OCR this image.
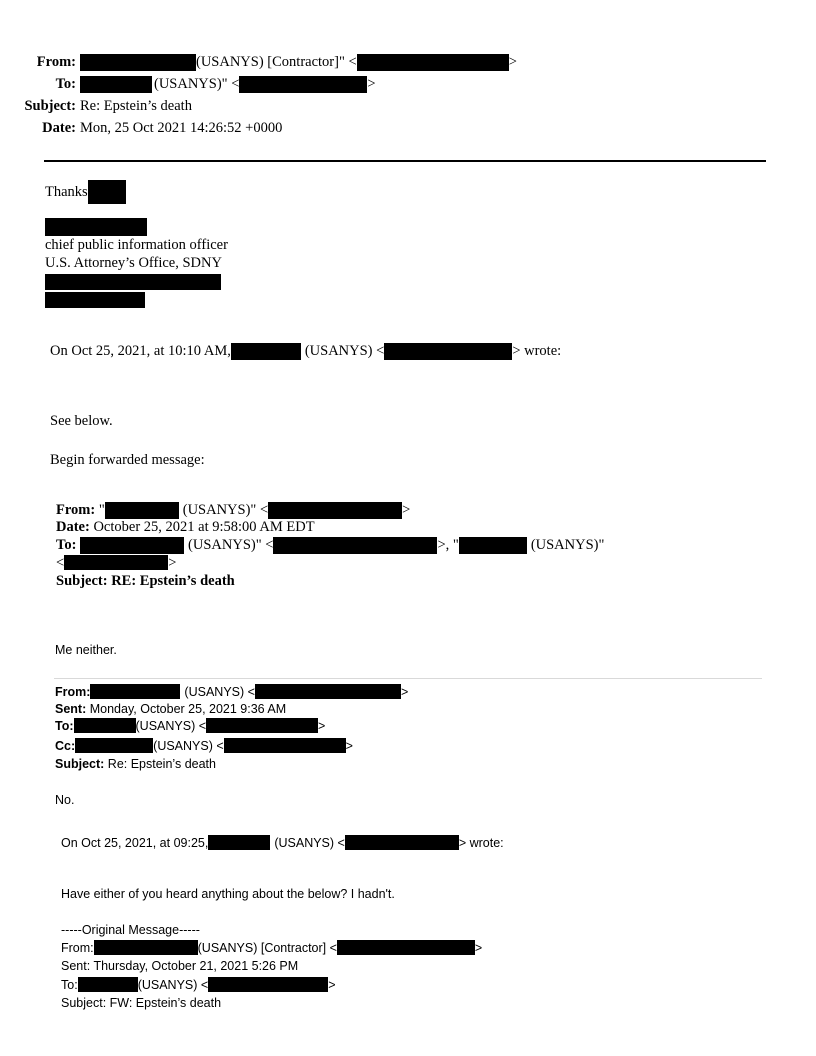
From:	(USANYS) [Contractor]" <	>
To:	(USANYS)" <	>
Subject: Re: Epstein’s death
Date: Mon, 25 Oct 2021 14:26:52 +0000
Thanks
chief public information officer
U.S. Attorney’s Office, SDNY
On Oct 25, 2021, at 10:10 AM,	(USANYS) <	> wrote:
See below.
Begin forwarded message:
From: "	(USANYS)" <	>
Date: October 25, 2021 at 9:58:00 AM EDT
To:	(USANYS)" <	>, "	(USANYS)"
<	>
Subject: RE: Epstein’s death
Me neither.
From:	(USANYS) <	>
Sent: Monday, October 25, 2021 9:36 AM
To:	(USANYS) <	>
Cc:	(USANYS) <	>
Subject: Re: Epstein’s death
No.
On Oct 25, 2021, at 09:25,	(USANYS) <	> wrote:
Have either of you heard anything about the below? I hadn't.
-----Original Message-----
From:	(USANYS) [Contractor] <	>
Sent: Thursday, October 21, 2021 5:26 PM
To:	(USANYS) <	>
Subject: FW: Epstein’s death
